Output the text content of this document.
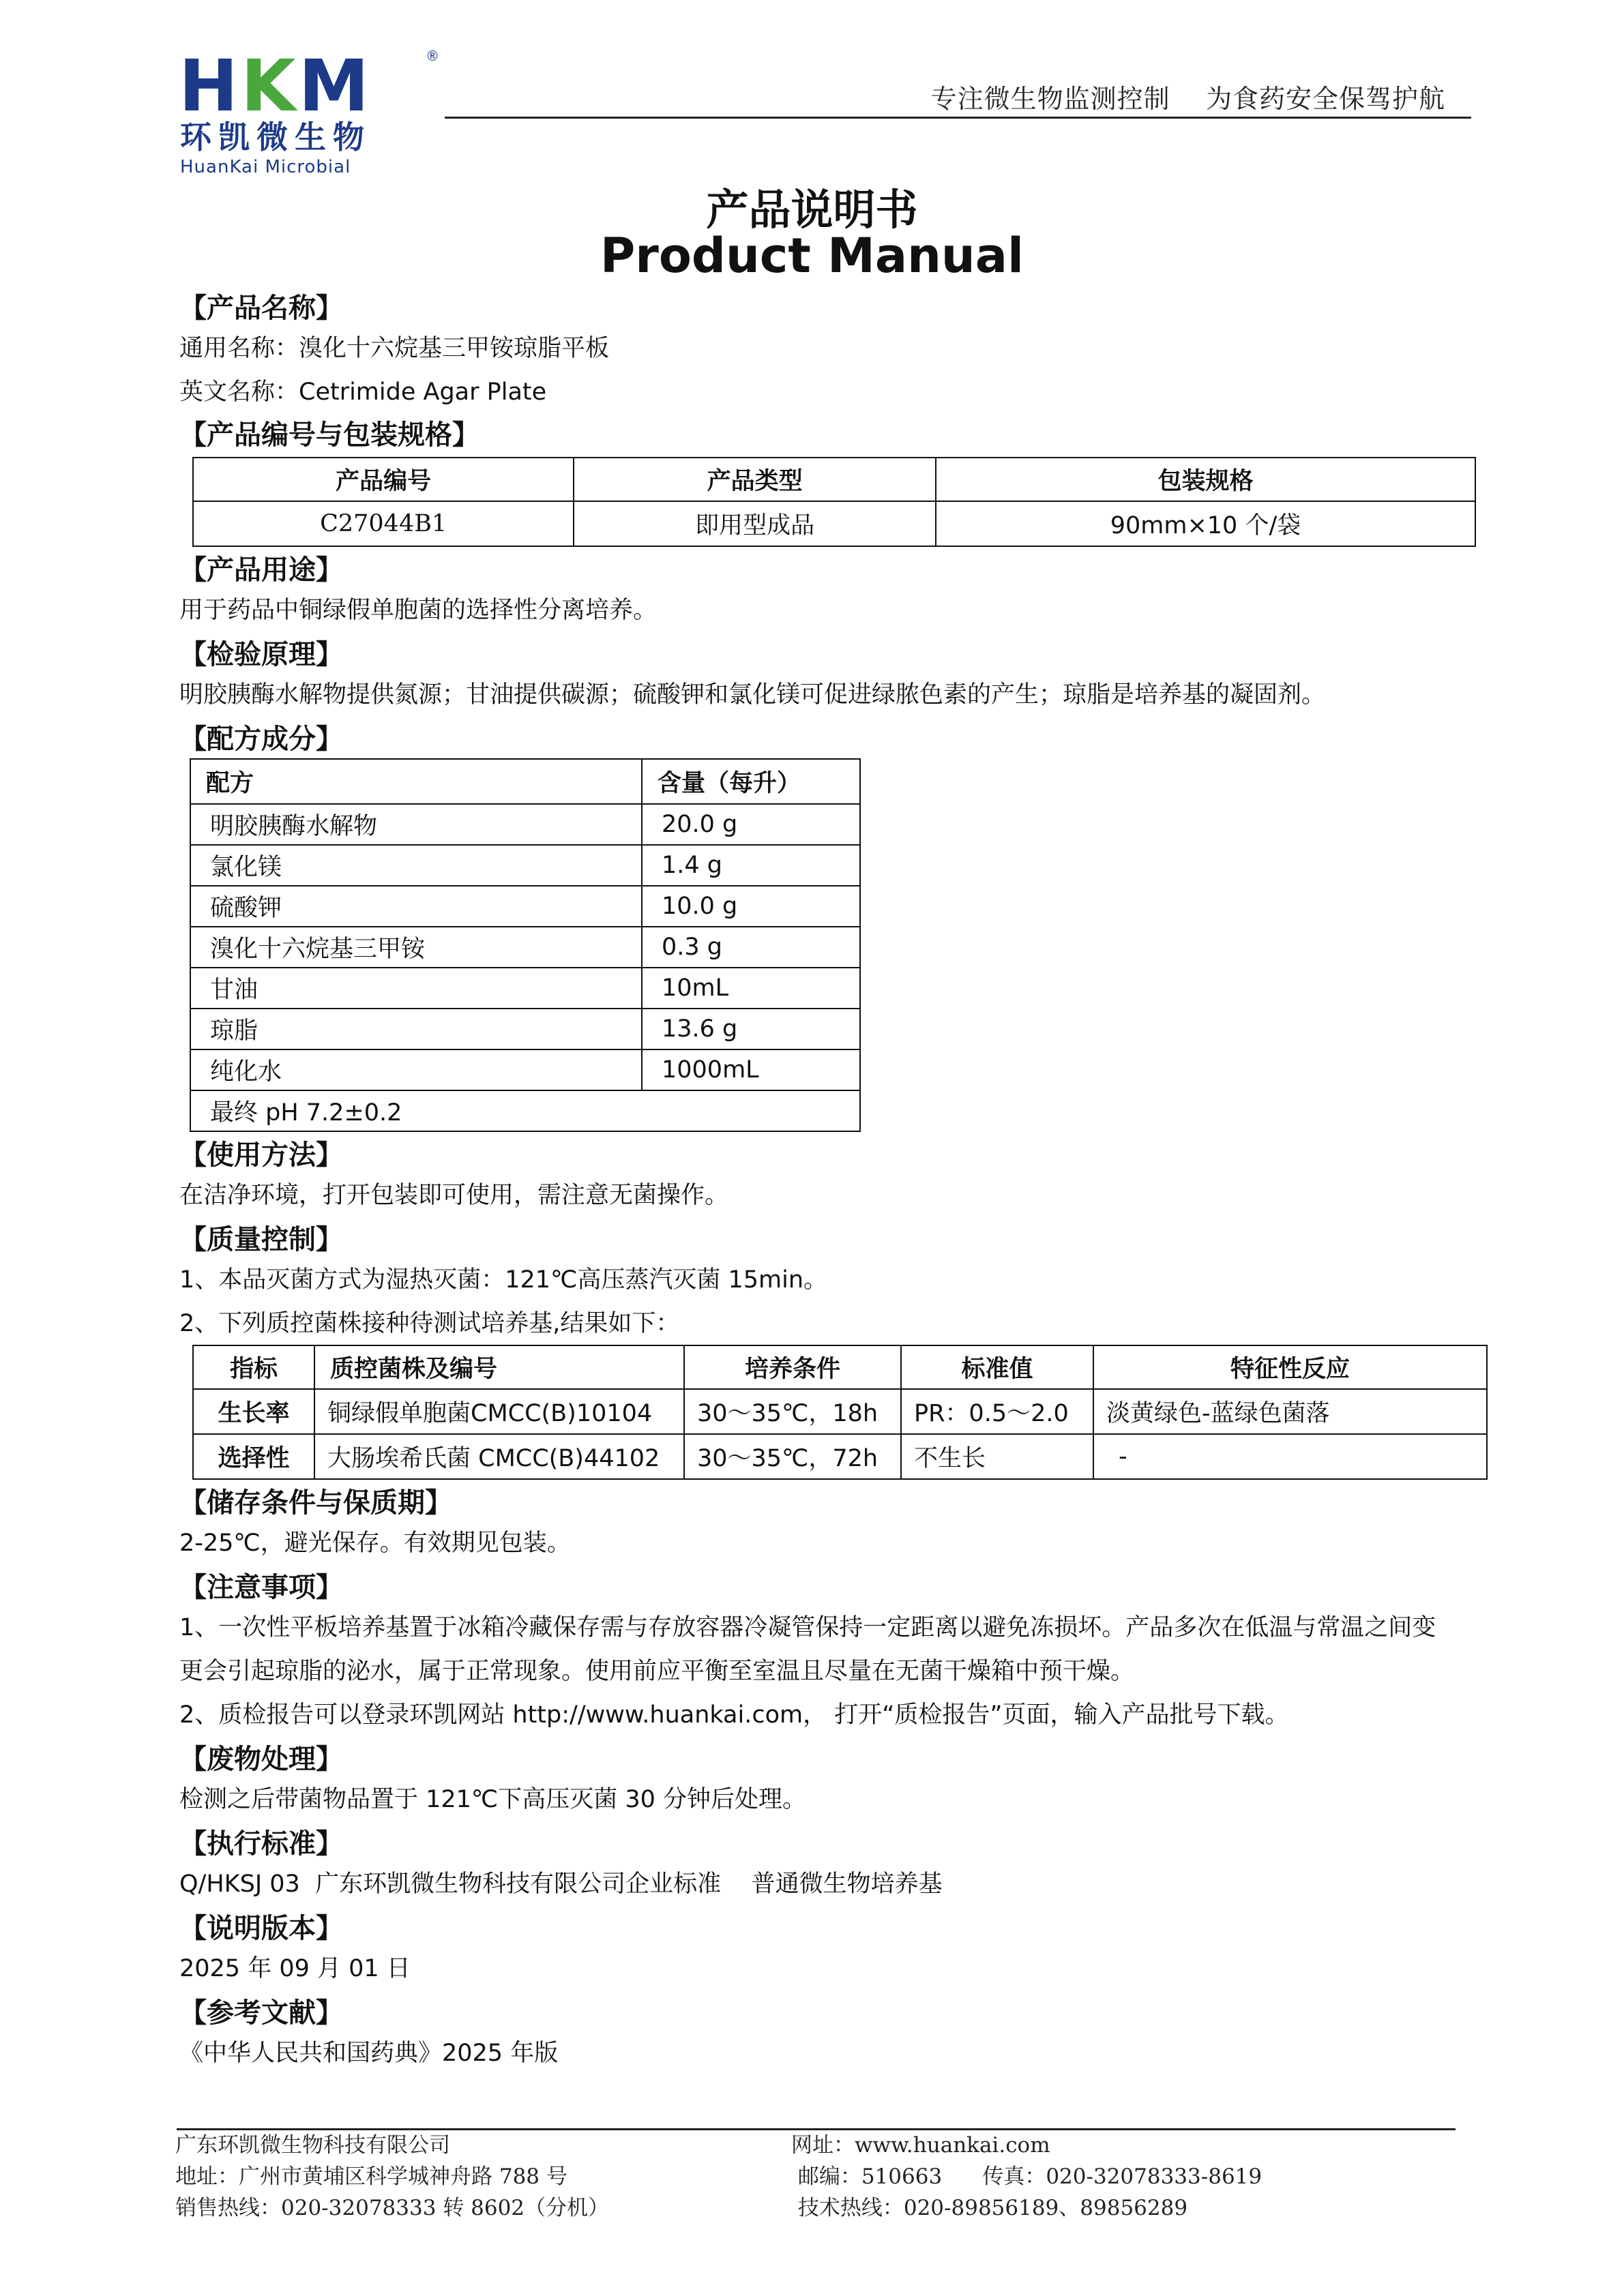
HKM	®
环凯微生物
HuanKai Microbial
专注微生物监测控制    为食药安全保驾护航
产品说明书
Product Manual

【产品名称】

通用名称：溴化十六烷基三甲铵琼脂平板

英文名称：Cetrimide Agar Plate

【产品编号与包装规格】

产品编号	产品类型	包装规格
C27044B1	即用型成品	90mm×10 个/袋

【产品用途】

用于药品中铜绿假单胞菌的选择性分离培养。

【检验原理】

明胶胰酶水解物提供氮源；甘油提供碳源；硫酸钾和氯化镁可促进绿脓色素的产生；琼脂是培养基的凝固剂。

【配方成分】

配方	含量（每升）
明胶胰酶水解物	20.0 g
氯化镁	1.4 g
硫酸钾	10.0 g
溴化十六烷基三甲铵	0.3 g
甘油	10mL
琼脂	13.6 g
纯化水	1000mL
最终 pH 7.2±0.2	

【使用方法】

在洁净环境，打开包装即可使用，需注意无菌操作。

【质量控制】

1、本品灭菌方式为湿热灭菌：121℃高压蒸汽灭菌 15min。

2、下列质控菌株接种待测试培养基,结果如下：

指标	质控菌株及编号	培养条件	标准值	特征性反应
生长率	铜绿假单胞菌CMCC(B)10104	30～35℃，18h	PR：0.5～2.0	淡黄绿色-蓝绿色菌落
选择性	大肠埃希氏菌 CMCC(B)44102	30～35℃，72h	不生长	-

【储存条件与保质期】

2-25℃，避光保存。有效期见包装。

【注意事项】

1、一次性平板培养基置于冰箱冷藏保存需与存放容器冷凝管保持一定距离以避免冻损坏。产品多次在低温与常温之间变

更会引起琼脂的泌水，属于正常现象。使用前应平衡至室温且尽量在无菌干燥箱中预干燥。

2、质检报告可以登录环凯网站 http://www.huankai.com， 打开“质检报告”页面，输入产品批号下载。

【废物处理】

检测之后带菌物品置于 121℃下高压灭菌 30 分钟后处理。

【执行标准】

Q/HKSJ 03  广东环凯微生物科技有限公司企业标准    普通微生物培养基

【说明版本】

2025 年 09 月 01 日

【参考文献】

《中华人民共和国药典》2025 年版

广东环凯微生物科技有限公司
地址：广州市黄埔区科学城神舟路 788 号
销售热线：020-32078333 转 8602（分机）
网址：www.huankai.com
邮编：510663      传真：020-32078333-8619
技术热线：020-89856189、89856289
